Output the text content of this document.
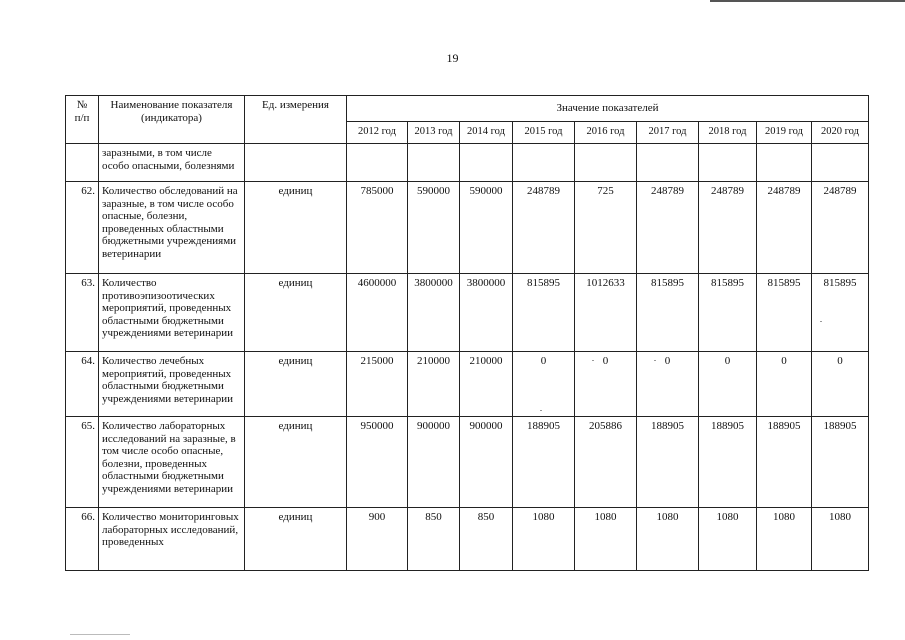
19
№
п/п	Наименование показателя (индикатора)	Ед. измерения	Значение показателей								
			2012 год	2013 год	2014 год	2015 год	2016 год	2017 год	2018 год	2019 год	2020 год
	заразными, в том числе особо опасными, болезнями										
62.	Количество обследований на заразные, в том числе особо опасные, болезни, проведенных областными бюджетными учреждениями ветеринарии	единиц	785000	590000	590000	248789	725	248789	248789	248789	248789
63.	Количество противоэпизоотических мероприятий, проведенных областными бюджетными учреждениями ветеринарии	единиц	4600000	3800000	3800000	815895	1012633	815895	815895	815895	815895
64.	Количество лечебных мероприятий, проведенных областными бюджетными учреждениями ветеринарии	единиц	215000	210000	210000	0	0	0	0	0	0
65.	Количество лабораторных исследований на заразные, в том числе особо опасные, болезни, проведенных областными бюджетными учреждениями ветеринарии	единиц	950000	900000	900000	188905	205886	188905	188905	188905	188905
66.	Количество мониторинговых лабораторных исследований, проведенных	единиц	900	850	850	1080	1080	1080	1080	1080	1080
